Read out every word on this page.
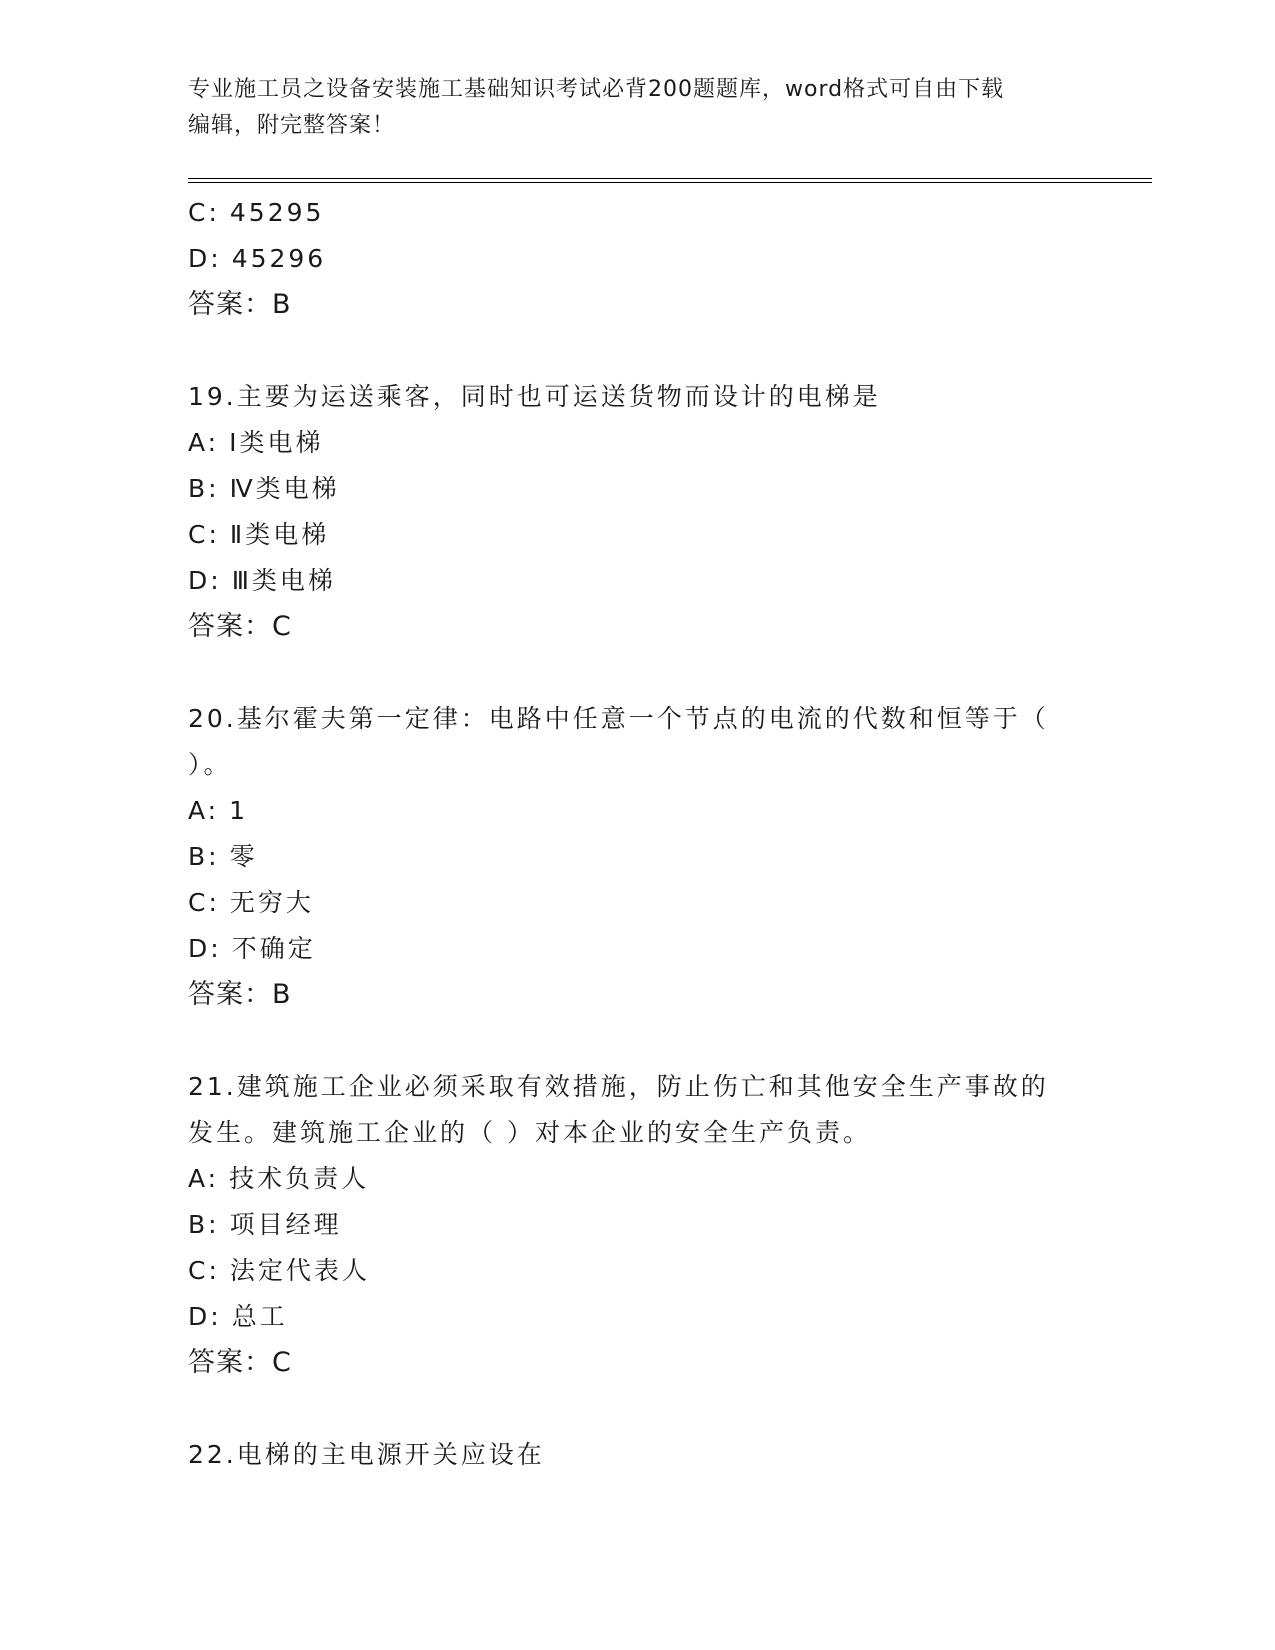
专业施工员之设备安装施工基础知识考试必背200题题库，word格式可自由下载
编辑，附完整答案！
C: 45295
D: 45296
答案：B
19.主要为运送乘客，同时也可运送货物而设计的电梯是
A: Ⅰ类电梯
B: Ⅳ类电梯
C: Ⅱ类电梯
D: Ⅲ类电梯
答案：C
20.基尔霍夫第一定律：电路中任意一个节点的电流的代数和恒等于（
）。
A: 1
B: 零
C: 无穷大
D: 不确定
答案：B
21.建筑施工企业必须采取有效措施，防止伤亡和其他安全生产事故的
发生。建筑施工企业的（ ）对本企业的安全生产负责。
A: 技术负责人
B: 项目经理
C: 法定代表人
D: 总工
答案：C
22.电梯的主电源开关应设在
